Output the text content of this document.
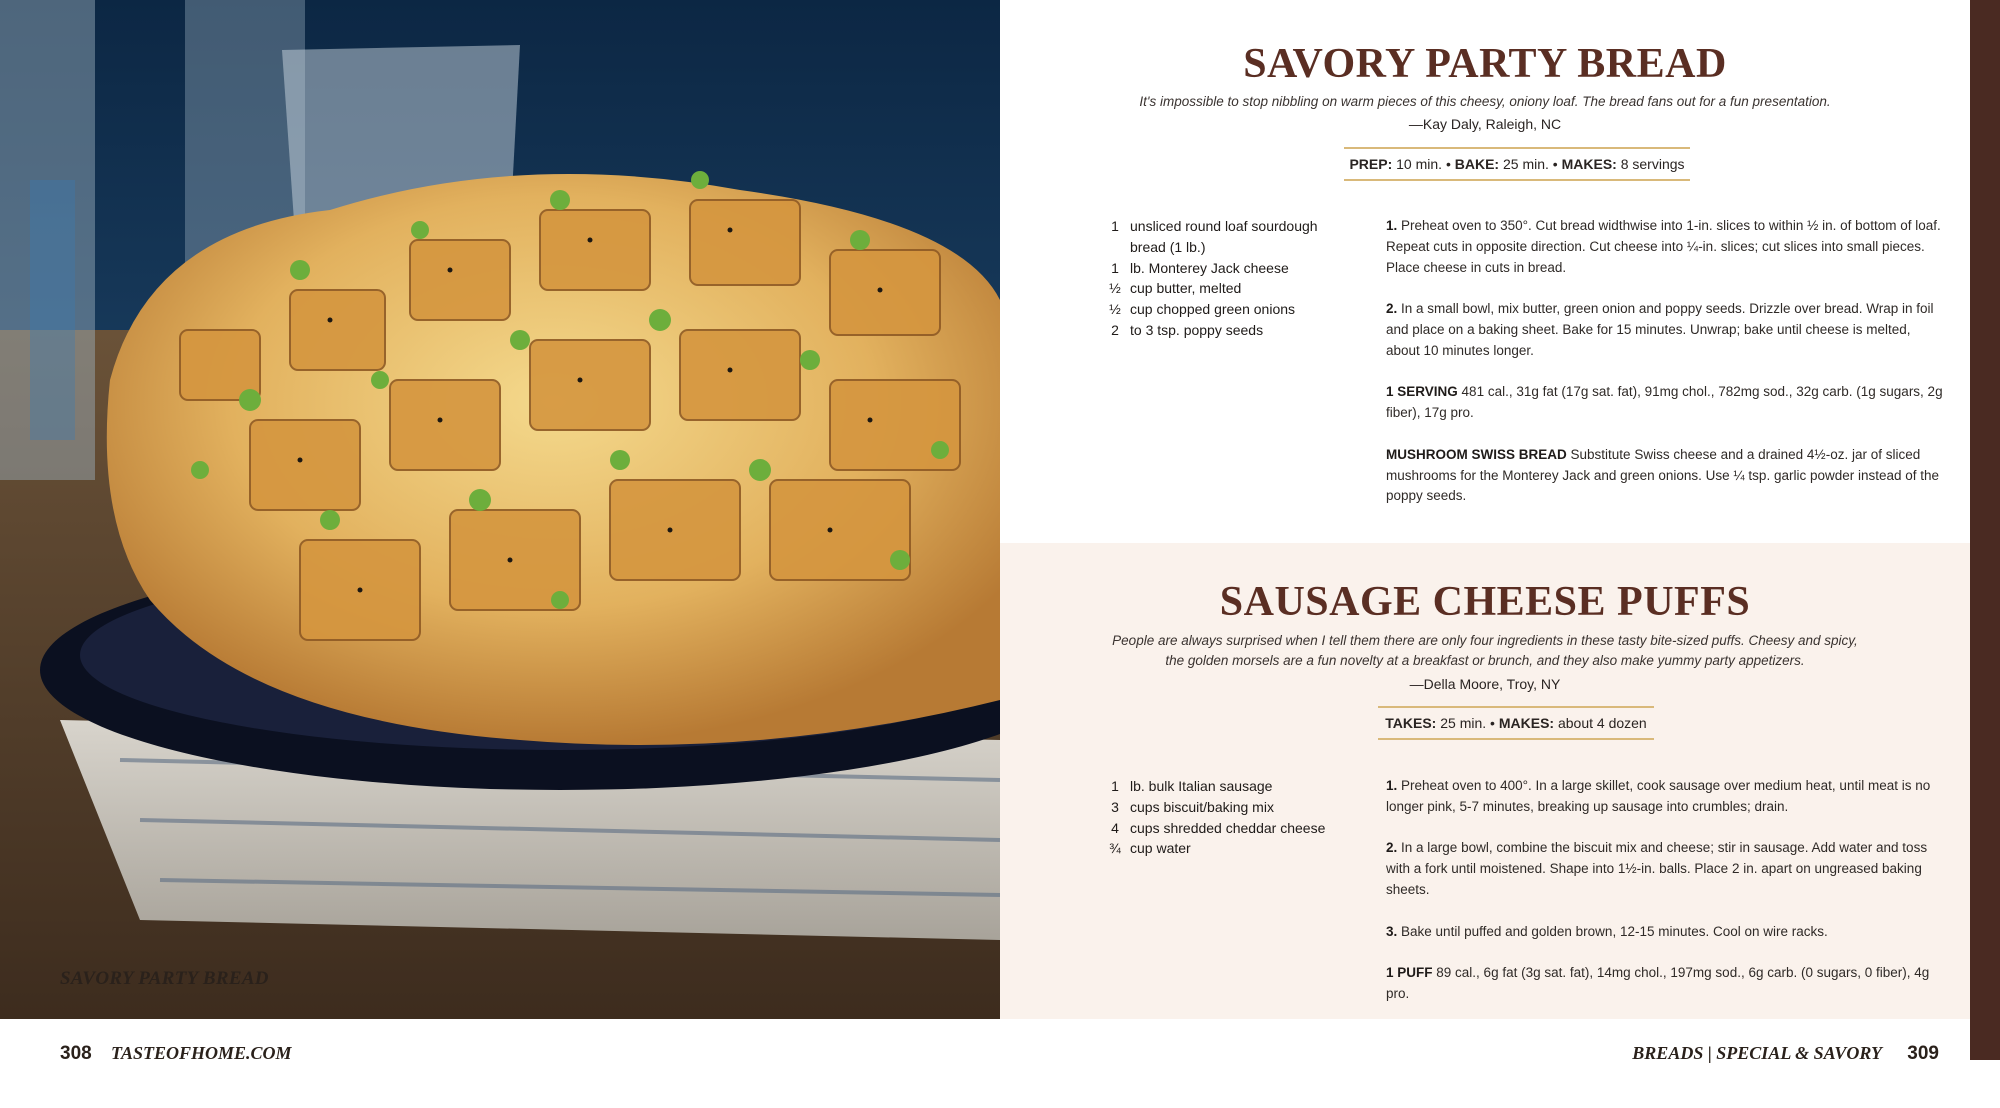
SAVORY PARTY BREAD
SAVORY PARTY BREAD

It's impossible to stop nibbling on warm pieces of this cheesy, oniony loaf. The bread fans out for a fun presentation.

—Kay Daly, Raleigh, NC

PREP: 10 min. • BAKE: 25 min. • MAKES: 8 servings
1 unsliced round loaf sourdough bread (1 lb.)
1 lb. Monterey Jack cheese
½ cup butter, melted
½ cup chopped green onions
2 to 3 tsp. poppy seeds

1. Preheat oven to 350°. Cut bread widthwise into 1-in. slices to within ½ in. of bottom of loaf. Repeat cuts in opposite direction. Cut cheese into ¼-in. slices; cut slices into small pieces. Place cheese in cuts in bread.

2. In a small bowl, mix butter, green onion and poppy seeds. Drizzle over bread. Wrap in foil and place on a baking sheet. Bake for 15 minutes. Unwrap; bake until cheese is melted, about 10 minutes longer.

1 SERVING 481 cal., 31g fat (17g sat. fat), 91mg chol., 782mg sod., 32g carb. (1g sugars, 2g fiber), 17g pro.

MUSHROOM SWISS BREAD Substitute Swiss cheese and a drained 4½-oz. jar of sliced mushrooms for the Monterey Jack and green onions. Use ¼ tsp. garlic powder instead of the poppy seeds.

SAUSAGE CHEESE PUFFS

People are always surprised when I tell them there are only four ingredients in these tasty bite-sized puffs. Cheesy and spicy,

the golden morsels are a fun novelty at a breakfast or brunch, and they also make yummy party appetizers.

—Della Moore, Troy, NY

TAKES: 25 min. • MAKES: about 4 dozen
1 lb. bulk Italian sausage
3 cups biscuit/baking mix
4 cups shredded cheddar cheese
¾ cup water

1. Preheat oven to 400°. In a large skillet, cook sausage over medium heat, until meat is no longer pink, 5-7 minutes, breaking up sausage into crumbles; drain.

2. In a large bowl, combine the biscuit mix and cheese; stir in sausage. Add water and toss with a fork until moistened. Shape into 1½-in. balls. Place 2 in. apart on ungreased baking sheets.

3. Bake until puffed and golden brown, 12-15 minutes. Cool on wire racks.

1 PUFF 89 cal., 6g fat (3g sat. fat), 14mg chol., 197mg sod., 6g carb. (0 sugars, 0 fiber), 4g pro.

308 TASTEOFHOME.COM	BREADS | SPECIAL & SAVORY 309
